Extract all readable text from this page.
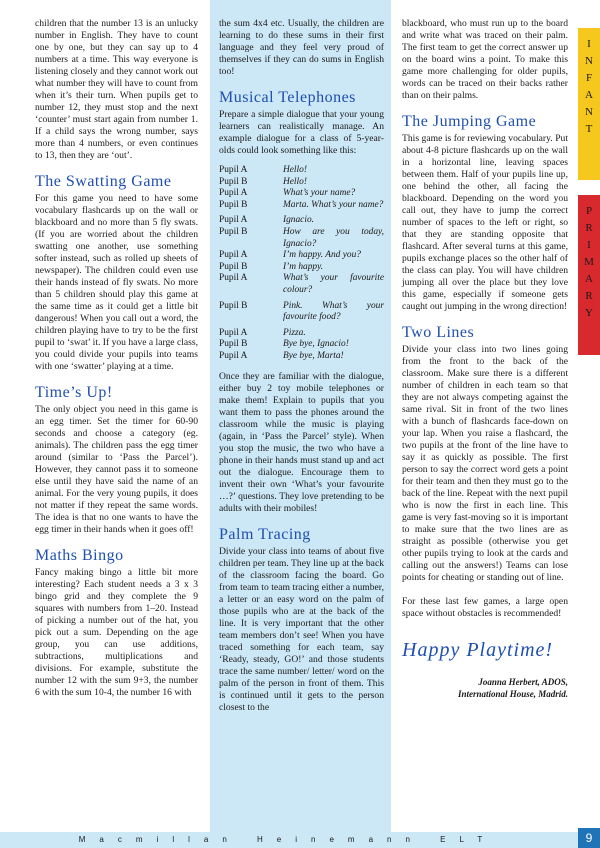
children that the number 13 is an unlucky number in English. They have to count one by one, but they can say up to 4 numbers at a time. This way everyone is listening closely and they cannot work out what number they will have to count from when it’s their turn. When pupils get to number 12, they must stop and the next ‘counter’ must start again from number 1. If a child says the wrong number, says more than 4 numbers, or even continues to 13, then they are ‘out’.

The Swatting Game

For this game you need to have some vocabulary flashcards up on the wall or blackboard and no more than 5 fly swats. (If you are worried about the children swatting one another, use something softer instead, such as rolled up sheets of newspaper). The children could even use their hands instead of fly swats. No more than 5 children should play this game at the same time as it could get a little bit dangerous! When you call out a word, the children playing have to try to be the first pupil to ‘swat’ it. If you have a large class, you could divide your pupils into teams with one ‘swatter’ playing at a time.

Time’s Up!

The only object you need in this game is an egg timer. Set the timer for 60-90 seconds and choose a category (eg. animals). The children pass the egg timer around (similar to ‘Pass the Parcel’). However, they cannot pass it to someone else until they have said the name of an animal. For the very young pupils, it does not matter if they repeat the same words. The idea is that no one wants to have the egg timer in their hands when it goes off!

Maths Bingo

Fancy making bingo a little bit more interesting? Each student needs a 3 x 3 bingo grid and they complete the 9 squares with numbers from 1–20. Instead of picking a number out of the hat, you pick out a sum. Depending on the age group, you can use additions, subtractions, multiplications and divisions. For example, substitute the number 12 with the sum 9+3, the number 6 with the sum 10-4, the number 16 with

the sum 4x4 etc. Usually, the children are learning to do these sums in their first language and they feel very proud of themselves if they can do sums in English too!

Musical Telephones

Prepare a simple dialogue that your young learners can realistically manage. An example dialogue for a class of 5-year-olds could look something like this:

Pupil A	Hello!
Pupil B	Hello!
Pupil A	What’s your name?
Pupil B	Marta. What’s your name?
Pupil A	Ignacio.
Pupil B	How are you today, Ignacio?
Pupil A	I’m happy. And you?
Pupil B	I’m happy.
Pupil A	What’s your favourite colour?
Pupil B	Pink. What’s your favourite food?
Pupil A	Pizza.
Pupil B	Bye bye, Ignacio!
Pupil A	Bye bye, Marta!

Once they are familiar with the dialogue, either buy 2 toy mobile telephones or make them! Explain to pupils that you want them to pass the phones around the classroom while the music is playing (again, in ‘Pass the Parcel’ style). When you stop the music, the two who have a phone in their hands must stand up and act out the dialogue. Encourage them to invent their own ‘What’s your favourite …?’ questions. They love pretending to be adults with their mobiles!

Palm Tracing

Divide your class into teams of about five children per team. They line up at the back of the classroom facing the board. Go from team to team tracing either a number, a letter or an easy word on the palm of those pupils who are at the back of the line. It is very important that the other team members don’t see! When you have traced something for each team, say ‘Ready, steady, GO!’ and those students trace the same number/ letter/ word on the palm of the person in front of them. This is continued until it gets to the person closest to the

blackboard, who must run up to the board and write what was traced on their palm. The first team to get the correct answer up on the board wins a point. To make this game more challenging for older pupils, words can be traced on their backs rather than on their palms.

The Jumping Game

This game is for reviewing vocabulary. Put about 4-8 picture flashcards up on the wall in a horizontal line, leaving spaces between them. Half of your pupils line up, one behind the other, all facing the blackboard. Depending on the word you call out, they have to jump the correct number of spaces to the left or right, so that they are standing opposite that flashcard. After several turns at this game, pupils exchange places so the other half of the class can play. You will have children jumping all over the place but they love this game, especially if someone gets caught out jumping in the wrong direction!

Two Lines

Divide your class into two lines going from the front to the back of the classroom. Make sure there is a different number of children in each team so that they are not always competing against the same rival. Sit in front of the two lines with a bunch of flashcards face-down on your lap. When you raise a flashcard, the two pupils at the front of the line have to say it as quickly as possible. The first person to say the correct word gets a point for their team and then they must go to the back of the line. Repeat with the next pupil who is now the first in each line. This game is very fast-moving so it is important to make sure that the two lines are as straight as possible (otherwise you get other pupils trying to look at the cards and calling out the answers!) Teams can lose points for cheating or standing out of line.

For these last few games, a large open space without obstacles is recommended!

Happy Playtime!
Joanna Herbert, ADOS,
International House, Madrid.
I
N
F
A
N
T
P
R
I
M
A
R
Y
Macmillan Heinemann ELT	9
